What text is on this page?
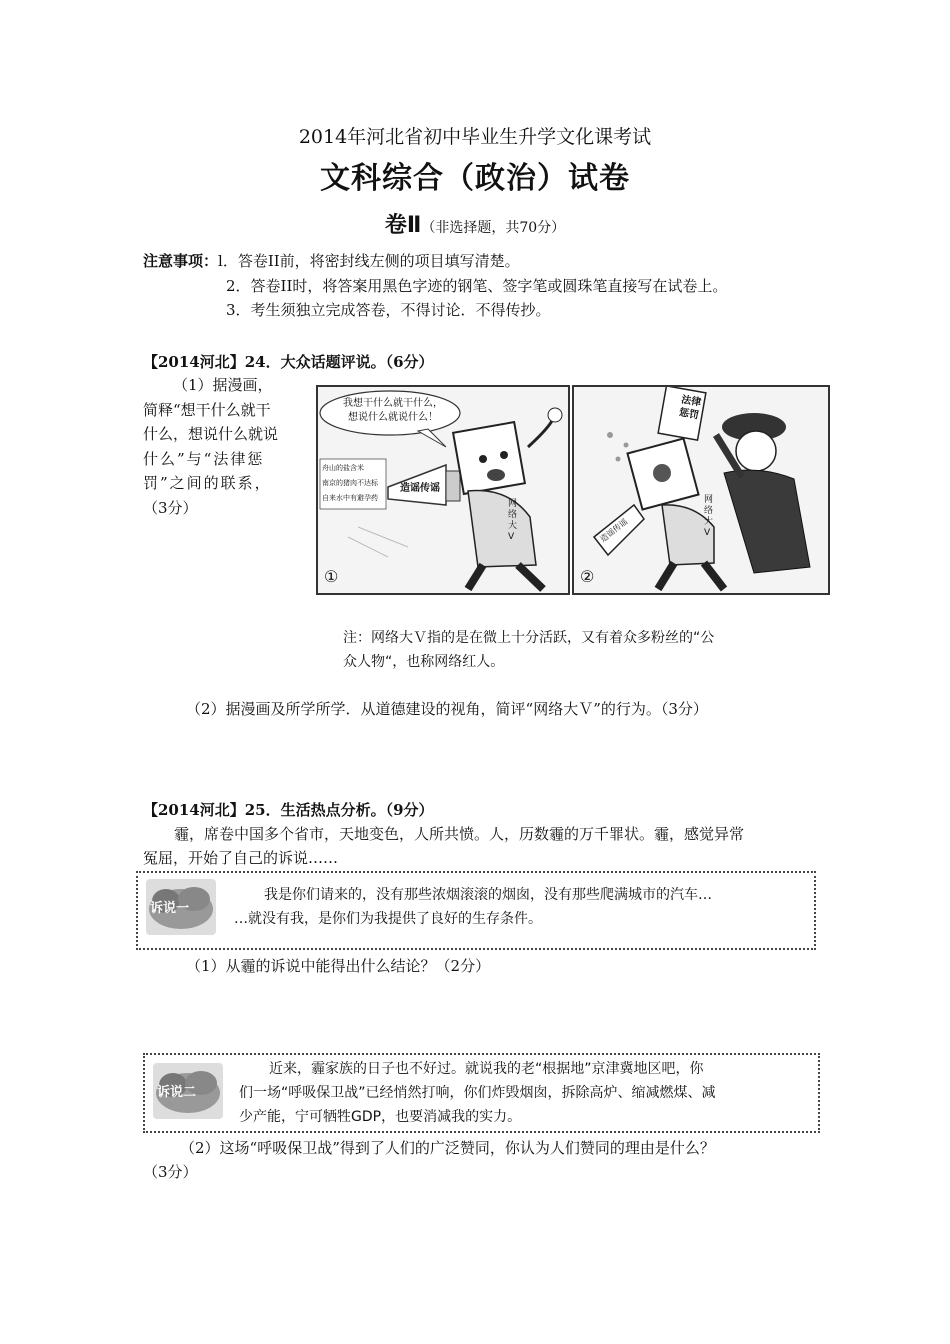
2014年河北省初中毕业生升学文化课考试
文科综合（政治）试卷
卷Ⅱ（非选择题，共70分）
注意事项：l．答卷II前，将密封线左侧的项目填写清楚。
2．答卷II时，将答案用黑色字迹的钢笔、签字笔或圆珠笔直接写在试卷上。
3．考生须独立完成答卷，不得讨论．不得传抄。
【2014河北】24．大众话题评说。（6分）
（1）据漫画，
简释“想干什么就干
什么，想说什么就说
什么”与“法律惩
罚”之间的联系，
（3分）
我想干什么就干什么，
想说什么就说什么！
舟山的盐含米
南京的猪肉不达标
自来水中有避孕药
造谣传谣
网络大V
①
法律惩罚
网络大V
造谣传谣
②
注：网络大Ｖ指的是在微上十分活跃，又有着众多粉丝的“公
众人物“，也称网络红人。
（2）据漫画及所学所学．从道德建设的视角，简评“网络大Ｖ”的行为。（3分）
【2014河北】25．生活热点分析。（9分）
霾，席卷中国多个省市，天地变色，人所共愤。人，历数霾的万千罪状。霾，感觉异常
冤屈，开始了自己的诉说……
诉说一
我是你们请来的，没有那些浓烟滚滚的烟囱，没有那些爬满城市的汽车…
…就没有我，是你们为我提供了良好的生存条件。
（1）从霾的诉说中能得出什么结论？（2分）
诉说二
近来，霾家族的日子也不好过。就说我的老“根据地”京津冀地区吧，你
们一场“呼吸保卫战”已经悄然打响，你们炸毁烟囱，拆除高炉、缩减燃煤、减
少产能，宁可牺牲GDP，也要消减我的实力。
（2）这场“呼吸保卫战”得到了人们的广泛赞同，你认为人们赞同的理由是什么？
（3分）
